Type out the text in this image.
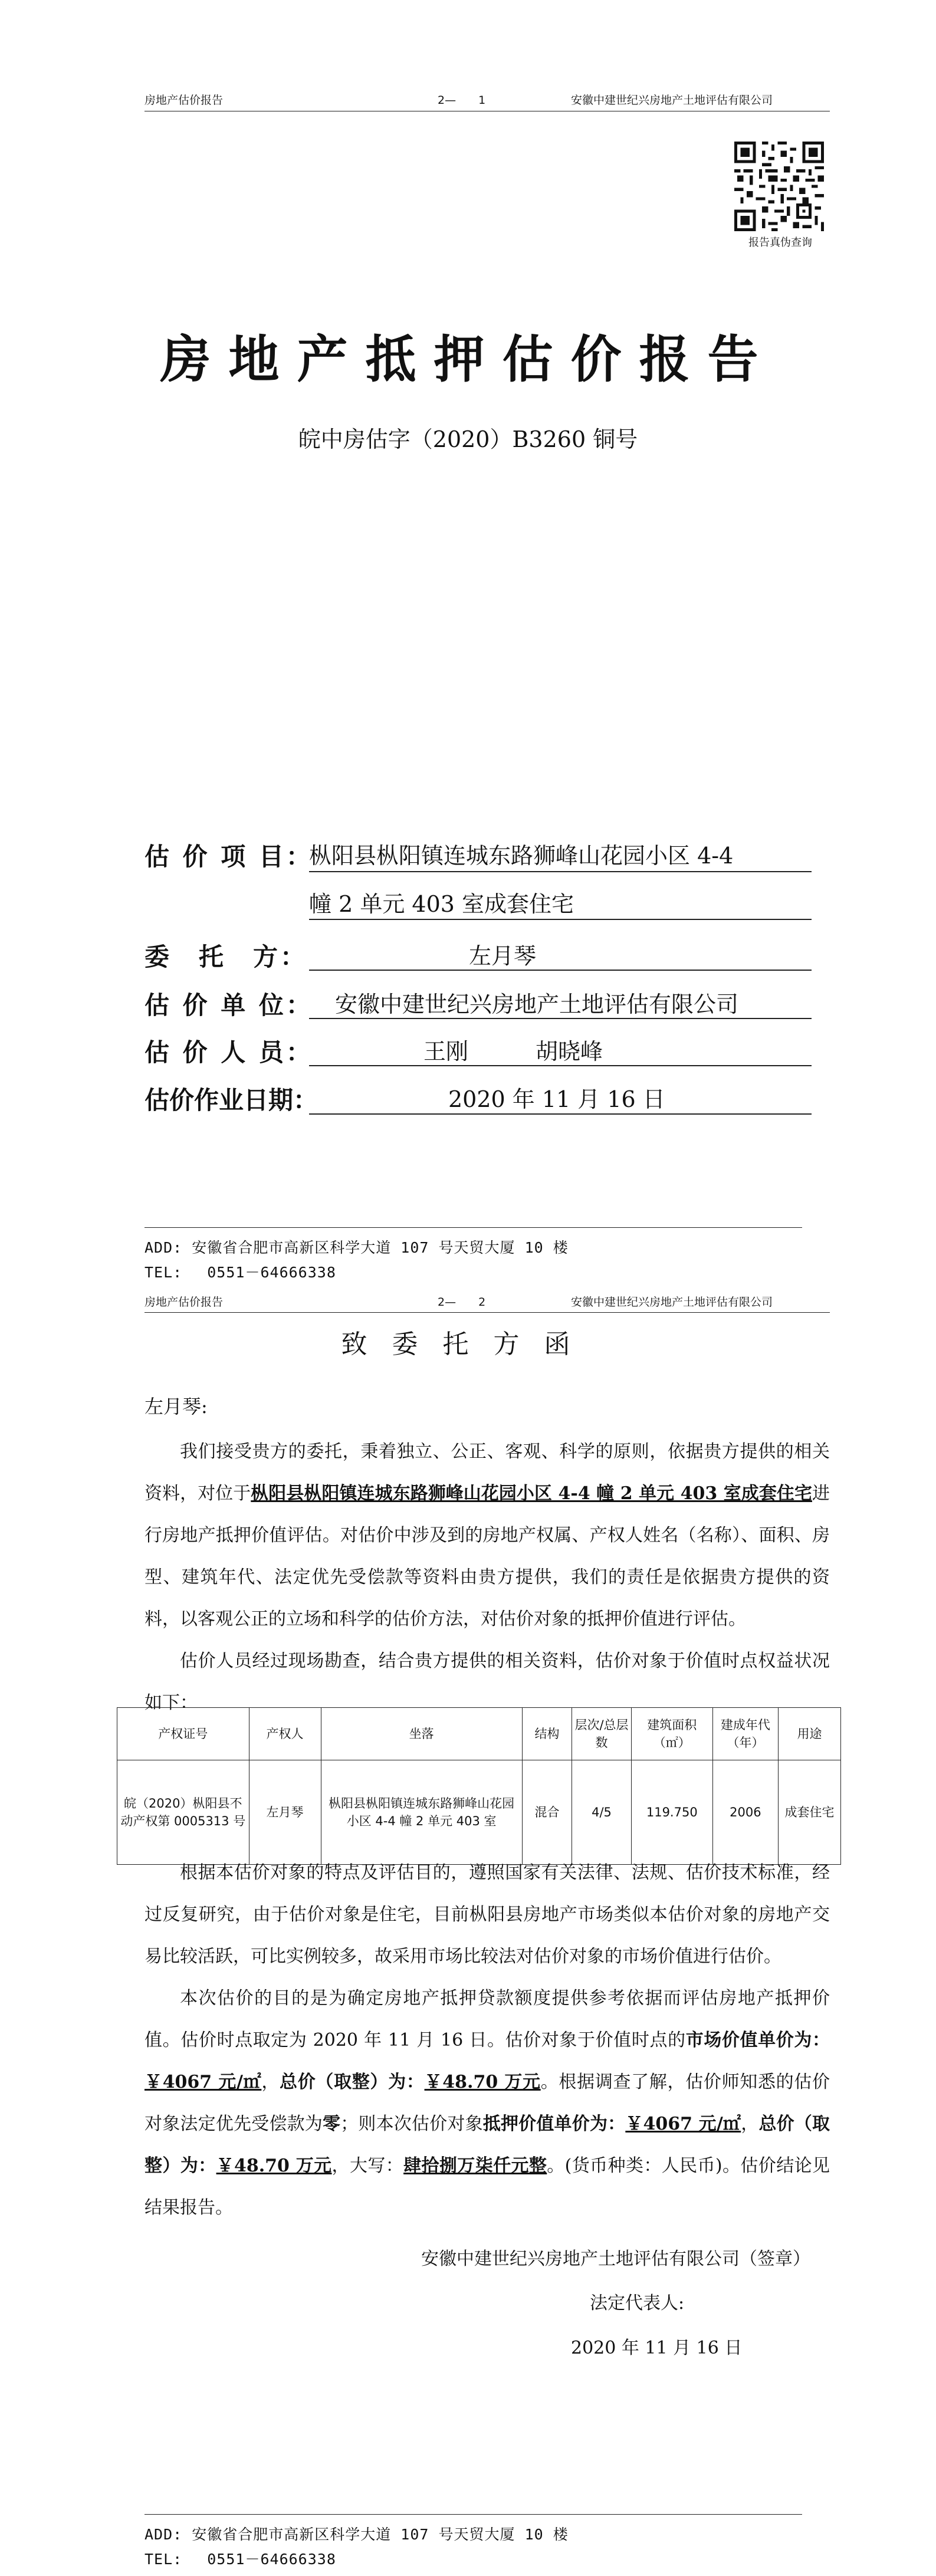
房地产估价报告	2—　　1	安徽中建世纪兴房地产土地评估有限公司
报告真伪查询
房地产抵押估价报告
皖中房估字（2020）B3260 铜号
估 价 项 目：
枞阳县枞阳镇连城东路狮峰山花园小区 4-4
幢 2 单元 403 室成套住宅
委　托　方：	左月琴
估 价 单 位： 安徽中建世纪兴房地产土地评估有限公司
估 价 人 员：	王刚　　　胡晓峰
估价作业日期：	2020 年 11 月 16 日
ADD: 安徽省合肥市高新区科学大道 107 号天贸大厦 10 楼
TEL:　 0551－64666338
房地产估价报告	2—　　2	安徽中建世纪兴房地产土地评估有限公司
致委托方函
左月琴:

我们接受贵方的委托，秉着独立、公正、客观、科学的原则，依据贵方提供的相关资料，对位于枞阳县枞阳镇连城东路狮峰山花园小区 4-4 幢 2 单元 403 室成套住宅进行房地产抵押价值评估。对估价中涉及到的房地产权属、产权人姓名（名称）、面积、房型、建筑年代、法定优先受偿款等资料由贵方提供，我们的责任是依据贵方提供的资料，以客观公正的立场和科学的估价方法，对估价对象的抵押价值进行评估。

估价人员经过现场勘查，结合贵方提供的相关资料，估价对象于价值时点权益状况如下：

产权证号	产权人	坐落	结构	层次/总层数	建筑面积（㎡）	建成年代（年）	用途
皖（2020）枞阳县不动产权第 0005313 号	左月琴	枞阳县枞阳镇连城东路狮峰山花园小区 4-4 幢 2 单元 403 室	混合	4/5	119.750	2006	成套住宅

根据本估价对象的特点及评估目的，遵照国家有关法律、法规、估价技术标准，经过反复研究，由于估价对象是住宅，目前枞阳县房地产市场类似本估价对象的房地产交易比较活跃，可比实例较多，故采用市场比较法对估价对象的市场价值进行估价。

本次估价的目的是为确定房地产抵押贷款额度提供参考依据而评估房地产抵押价值。估价时点取定为 2020 年 11 月 16 日。估价对象于价值时点的市场价值单价为：￥4067 元/㎡，总价（取整）为：￥48.70 万元。根据调查了解，估价师知悉的估价对象法定优先受偿款为零；则本次估价对象抵押价值单价为：￥4067 元/㎡，总价（取整）为：￥48.70 万元，大写：肆拾捌万柒仟元整。(货币种类：人民币)。估价结论见结果报告。

安徽中建世纪兴房地产土地评估有限公司（签章）
法定代表人:
2020 年 11 月 16 日
ADD: 安徽省合肥市高新区科学大道 107 号天贸大厦 10 楼
TEL:　 0551－64666338
